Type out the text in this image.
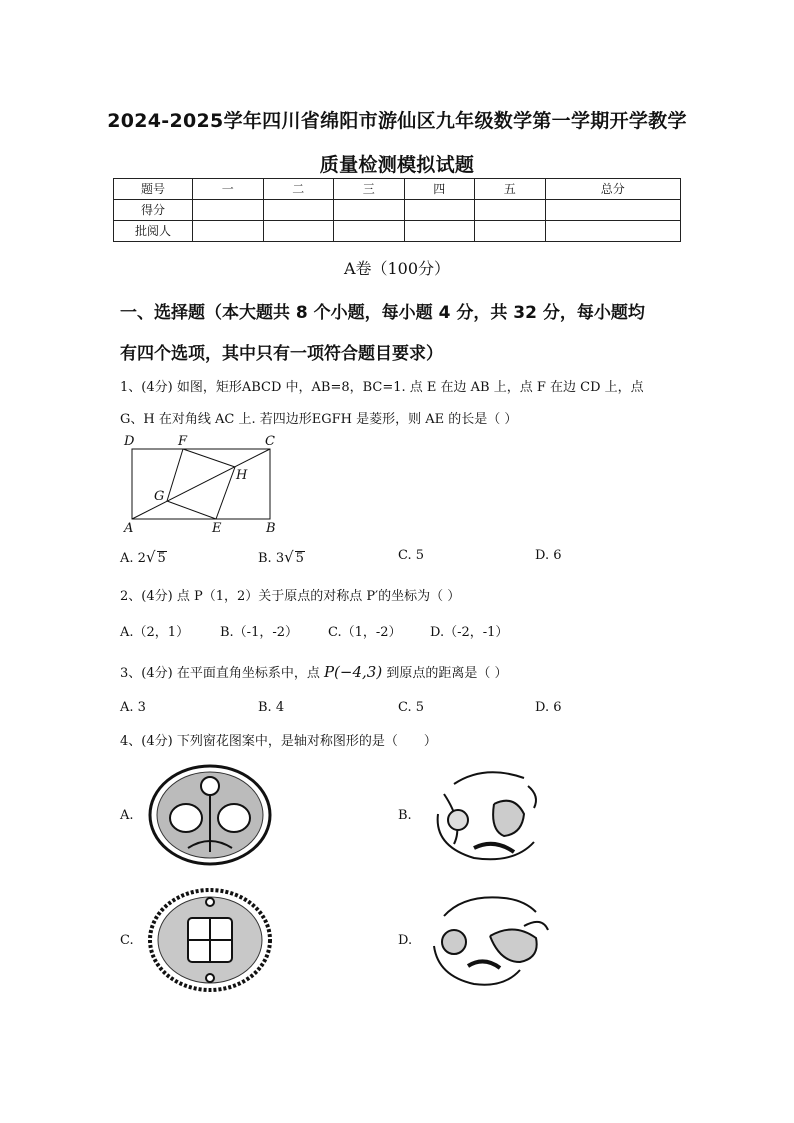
2024-2025学年四川省绵阳市游仙区九年级数学第一学期开学教学
质量检测模拟试题
题号	一	二	三	四	五	总分
得分						
批阅人						
A卷（100分）
一、选择题（本大题共 8 个小题，每小题 4 分，共 32 分，每小题均
有四个选项，其中只有一项符合题目要求）
1、(4分) 如图，矩形ABCD 中，AB=8，BC=1. 点 E 在边 AB 上，点 F 在边 CD 上，点
G、H 在对角线 AC 上. 若四边形EGFH 是菱形，则 AE 的长是（ ）
D	F	C
H
G
A	E	B
A. 2√ 5	B. 3√ 5	C. 5	D. 6
2、(4分) 点 P（1，2）关于原点的对称点 P′的坐标为（ ）
A.（2，1） B.（-1，-2） C.（1，-2） D.（-2，-1）
3、(4分) 在平面直角坐标系中，点 P(−4,3) 到原点的距离是（ ）
A. 3	B. 4	C. 5	D. 6
4、(4分) 下列窗花图案中，是轴对称图形的是（　　）
A.	B.
C.	D.
